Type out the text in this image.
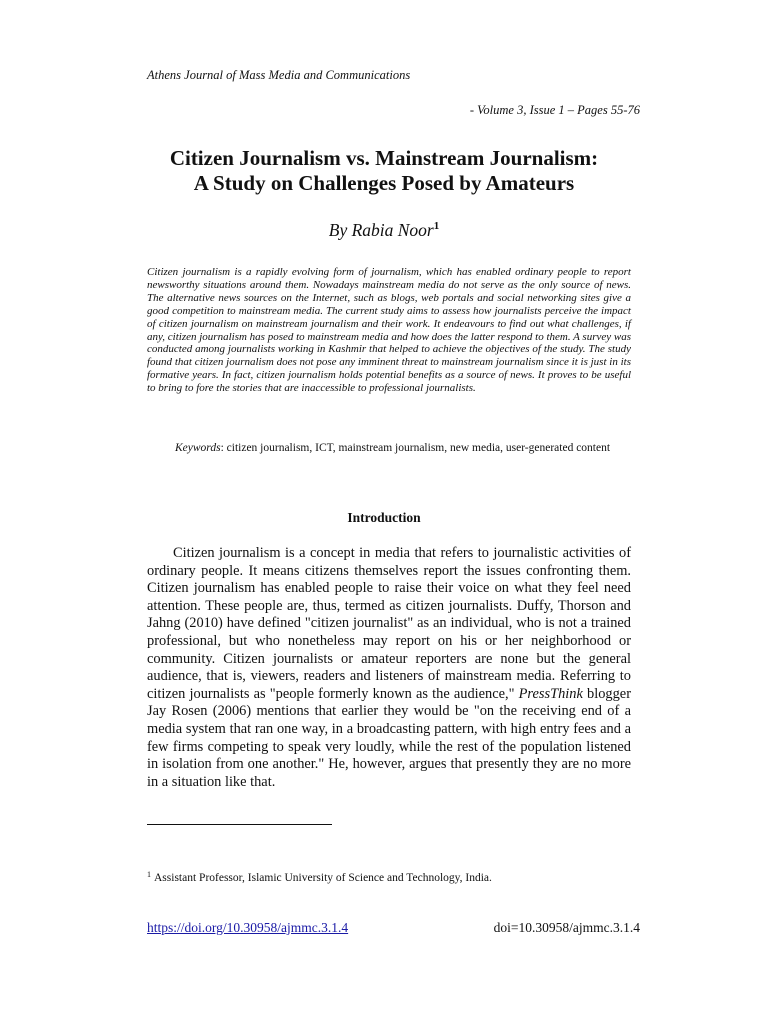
Athens Journal of Mass Media and Communications
- Volume 3, Issue 1 – Pages 55-76
Citizen Journalism vs. Mainstream Journalism:
A Study on Challenges Posed by Amateurs
By Rabia Noor$^1$

Citizen journalism is a rapidly evolving form of journalism, which has enabled ordinary people to report newsworthy situations around them. Nowadays mainstream media do not serve as the only source of news. The alternative news sources on the Internet, such as blogs, web portals and social networking sites give a good competition to mainstream media. The current study aims to assess how journalists perceive the impact of citizen journalism on mainstream journalism and their work. It endeavours to find out what challenges, if any, citizen journalism has posed to mainstream media and how does the latter respond to them. A survey was conducted among journalists working in Kashmir that helped to achieve the objectives of the study. The study found that citizen journalism does not pose any imminent threat to mainstream journalism since it is just in its formative years. In fact, citizen journalism holds potential benefits as a source of news. It proves to be useful to bring to fore the stories that are inaccessible to professional journalists.

Keywords: citizen journalism, ICT, mainstream journalism, new media, user-generated content

Introduction

Citizen journalism is a concept in media that refers to journalistic activities of ordinary people. It means citizens themselves report the issues confronting them. Citizen journalism has enabled people to raise their voice on what they feel need attention. These people are, thus, termed as citizen journalists. Duffy, Thorson and Jahng (2010) have defined "citizen journalist" as an individual, who is not a trained professional, but who nonetheless may report on his or her neighborhood or community. Citizen journalists or amateur reporters are none but the general audience, that is, viewers, readers and listeners of mainstream media. Referring to citizen journalists as "people formerly known as the audience," PressThink blogger Jay Rosen (2006) mentions that earlier they would be "on the receiving end of a media system that ran one way, in a broadcasting pattern, with high entry fees and a few firms competing to speak very loudly, while the rest of the population listened in isolation from one another." He, however, argues that presently they are no more in a situation like that.

$^1$ Assistant Professor, Islamic University of Science and Technology, India.
https://doi.org/10.30958/ajmmc.3.1.4	doi=10.30958/ajmmc.3.1.4
